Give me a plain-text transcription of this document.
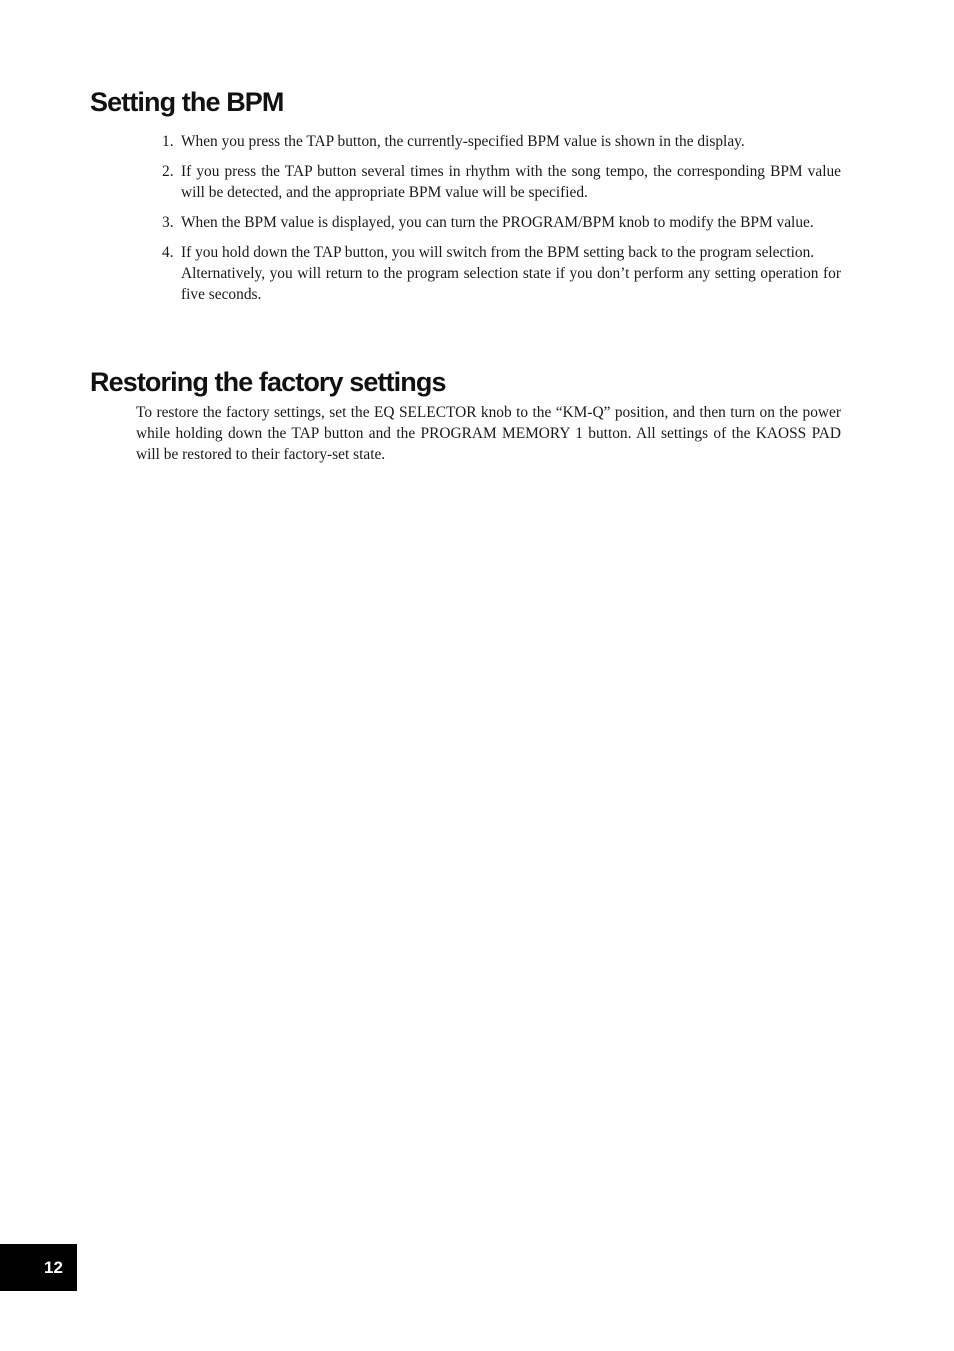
Setting the BPM
1. When you press the TAP button, the currently-specified BPM value is shown in the display.

2. If you press the TAP button several times in rhythm with the song tempo, the corresponding BPM value will be detected, and the appropriate BPM value will be specified.

3. When the BPM value is displayed, you can turn the PROGRAM/BPM knob to modify the BPM value.

4. If you hold down the TAP button, you will switch from the BPM setting back to the program selection.

Alternatively, you will return to the program selection state if you don’t perform any setting operation for five seconds.

Restoring the factory settings

To restore the factory settings, set the EQ SELECTOR knob to the “KM-Q” position, and then turn on the power while holding down the TAP button and the PROGRAM MEMORY 1 button. All settings of the KAOSS PAD will be restored to their factory-set state.

12
